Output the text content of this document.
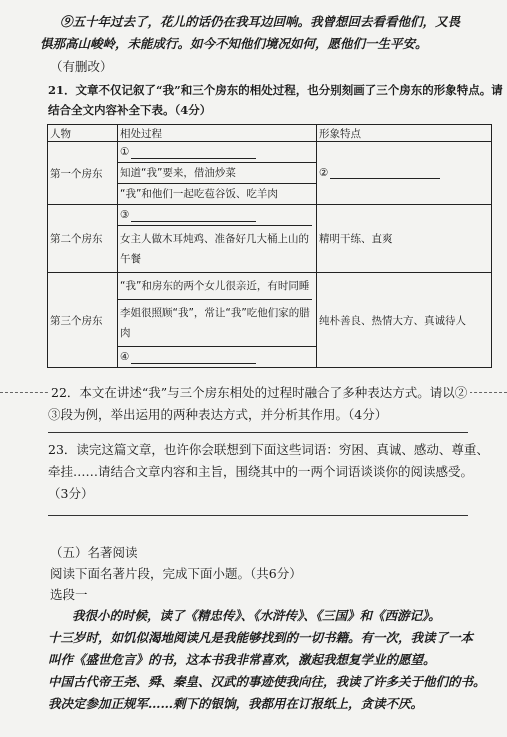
⑨五十年过去了，花儿的话仍在我耳边回响。我曾想回去看看他们，又畏
惧那高山峻岭，未能成行。如今不知他们境况如何，愿他们一生平安。
（有删改）
21．文章不仅记叙了“我”和三个房东的相处过程，也分别刻画了三个房东的形象特点。请
结合全文内容补全下表。（4分）
人物	相处过程	形象特点
第一个房东	①
知道“我”要来，借油炒菜
“我”和他们一起吃苞谷饭、吃羊肉	②
第二个房东	③
女主人做木耳炖鸡、准备好几大桶上山的午餐	精明干练、直爽
第三个房东	“我”和房东的两个女儿很亲近，有时同睡
李姐很照顾“我”，常让“我”吃他们家的腊肉
④	纯朴善良、热情大方、真诚待人
22．本文在讲述“我”与三个房东相处的过程时融合了多种表达方式。请以②
③段为例，举出运用的两种表达方式，并分析其作用。（4分）
23．读完这篇文章，也许你会联想到下面这些词语：穷困、真诚、感动、尊重、
牵挂……请结合文章内容和主旨，围绕其中的一两个词语谈谈你的阅读感受。
（3分）
（五）名著阅读
阅读下面名著片段，完成下面小题。（共6分）
选段一
我很小的时候，读了《精忠传》、《水浒传》、《三国》和《西游记》。
十三岁时，如饥似渴地阅读凡是我能够找到的一切书籍。有一次，我读了一本
叫作《盛世危言》的书，这本书我非常喜欢，激起我想复学业的愿望。
中国古代帝王尧、舜、秦皇、汉武的事迹使我向往，我读了许多关于他们的书。
我决定参加正规军……剩下的银饷，我都用在订报纸上，贪读不厌。
